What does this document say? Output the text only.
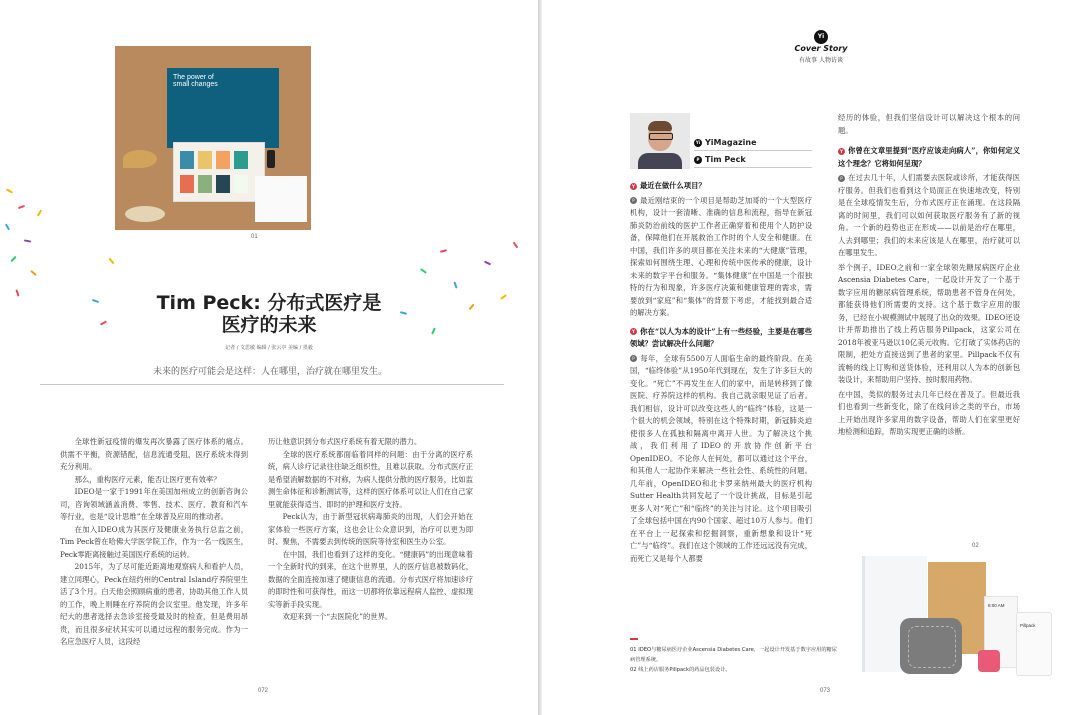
The power of
small changes
01
Tim Peck: 分布式医疗是
医疗的未来
记者 / 文思敏 编辑 / 张云亭 美编 / 墨毅
未来的医疗可能会是这样：人在哪里，治疗就在哪里发生。

全球性新冠疫情的爆发再次暴露了医疗体系的痛点。供需不平衡，资源错配，信息流通受阻，医疗系统未得到充分利用。

那么，重构医疗元素，能否让医疗更有效率？

IDEO是一家于1991年在美国加州成立的创新咨询公司，咨询领域涵盖消费、零售、技术、医疗、教育和汽车等行业，也是“设计思维”在全球普及应用的推动者。

在加入IDEO成为其医疗及健康业务执行总监之前，Tim Peck曾在哈佛大学医学院工作，作为一名一线医生，Peck零距离接触过美国医疗系统的运转。

2015年，为了尽可能近距离地观察病人和看护人员，建立同理心，Peck在纽约州的Central Island疗养院里生活了3个月。白天他会照顾病重的患者，协助其他工作人员的工作，晚上则睡在疗养院的会议室里。他发现，许多年纪大的患者选择去急诊室接受最及时的检查，但是费用昂贵，而且很多症状其实可以通过远程的服务完成。作为一名应急医疗人员，这段经

历让他意识到分布式医疗系统有着无限的潜力。

全球的医疗系统都面临着同样的问题：由于分离的医疗系统，病人诊疗记录往往缺乏组织性，且难以获取。分布式医疗正是希望消解数据的不对称，为病人提供分散的医疗服务，比如监测生命体征和诊断测试等，这样的医疗体系可以让人们在自己家里就能获得适当、即时的护理和医疗支持。

Peck认为，由于新型冠状病毒肺炎的出现，人们会开始在家体验一些医疗方案，这也会让公众意识到，治疗可以更为即时、聚焦，不需要去到传统的医院等待室和医生办公室。

在中国，我们也看到了这样的变化。“健康码”的出现意味着一个全新时代的到来，在这个世界里，人的医疗信息被数码化，数据的全面连接加速了健康信息的流通。分布式医疗将加速诊疗的即时性和可获得性，而这一切都将依靠远程病人监控、虚拟现实等新手段实现。

欢迎来到一个“去医院化”的世界。

072
Yi
Cover Story
有故事 人物访谈
Yi YiMagazine
P Tim Peck

Y 最近在做什么项目？

P 最近刚结束的一个项目是帮助芝加哥的一个大型医疗机构，设计一套清晰、准确的信息和流程，指导在新冠肺炎防治前线的医护工作者正确穿着和使用个人防护设备，保障他们在开展救治工作时的个人安全和健康。在中国，我们许多的项目都在关注未来的“大健康”管理，探索如何围绕生理、心理和传统中医传承的健康，设计未来的数字平台和服务。“集体健康”在中国是一个很独特的行为和现象，许多医疗决策和健康管理的需求，需要放到“家庭”和“集体”的背景下考虑，才能找到最合适的解决方案。

Y 你在“以人为本的设计”上有一些经验，主要是在哪些领域？尝试解决什么问题？

P 每年，全球有5500万人面临生命的最终阶段。在美国，“临终体验”从1950年代到现在，发生了许多巨大的变化。“死亡”不再发生在人们的家中，而是转移到了像医院、疗养院这样的机构。我自己就亲眼见证了后者。我们相信，设计可以改变这些人的“临终”体验，这是一个很大的机会领域，特别在这个特殊时期，新冠肺炎迫使很多人在孤独和隔离中离开人世。为了解决这个挑战，我们利用了IDEO的开放协作创新平台OpenIDEO。不论你人在何处，都可以通过这个平台，和其他人一起协作来解决一些社会性、系统性的问题。几年前，OpenIDEO和北卡罗来纳州最大的医疗机构Sutter Health共同发起了一个设计挑战，目标是引起更多人对“死亡”和“临终”的关注与讨论。这个项目吸引了全球包括中国在内90个国家、超过10万人参与。他们在平台上一起探索和挖掘洞察，重新想象和设计“死亡”与“临终”。我们在这个领域的工作还远远没有完成，而死亡又是每个人都要

经历的体验，但我们坚信设计可以解决这个根本的问题。

Y 你曾在文章里提到“医疗应该走向病人”，你如何定义这个理念？它将如何呈现？

P 在过去几十年，人们需要去医院或诊所，才能获得医疗服务。但我们也看到这个局面正在快速地改变，特别是在全球疫情发生后，分布式医疗正在涌现。在这段隔离的时间里，我们可以如何获取医疗服务有了新的视角。一个新的趋势也正在形成——以前是治疗在哪里，人去到哪里；我们的未来应该是人在哪里，治疗就可以在哪里发生。

举个例子，IDEO之前和一家全球领先糖尿病医疗企业Ascensia Diabetes Care，一起设计开发了一个基于数字应用的糖尿病管理系统，帮助患者不管身在何处，都能获得他们所需要的支持。这个基于数字应用的服务，已经在小规模测试中展现了出众的效果。IDEO还设计并帮助推出了线上药店服务Pillpack，这家公司在2018年被亚马逊以10亿美元收购。它打破了实体药店的限制，把处方直接送到了患者的家里。Pillpack不仅有流畅的线上订购和送货体验，还利用以人为本的创新包装设计，来帮助用户坚持、按时服用药物。

在中国，类似的服务过去几年已经在普及了。但最近我们也看到一些新变化，除了在线问诊之类的平台，市场上开始出现许多家用的数字设备，帮助人们在家里更好地检测和追踪，帮助实现更正确的诊断。

01 IDEO与糖尿病医疗企业Ascensia Diabetes Care，一起设计开发基于数字应用的糖尿病管理系统。
02 线上药店服务Pillpack的药品包装设计。
02
8:00 AM
Pillpack
073
